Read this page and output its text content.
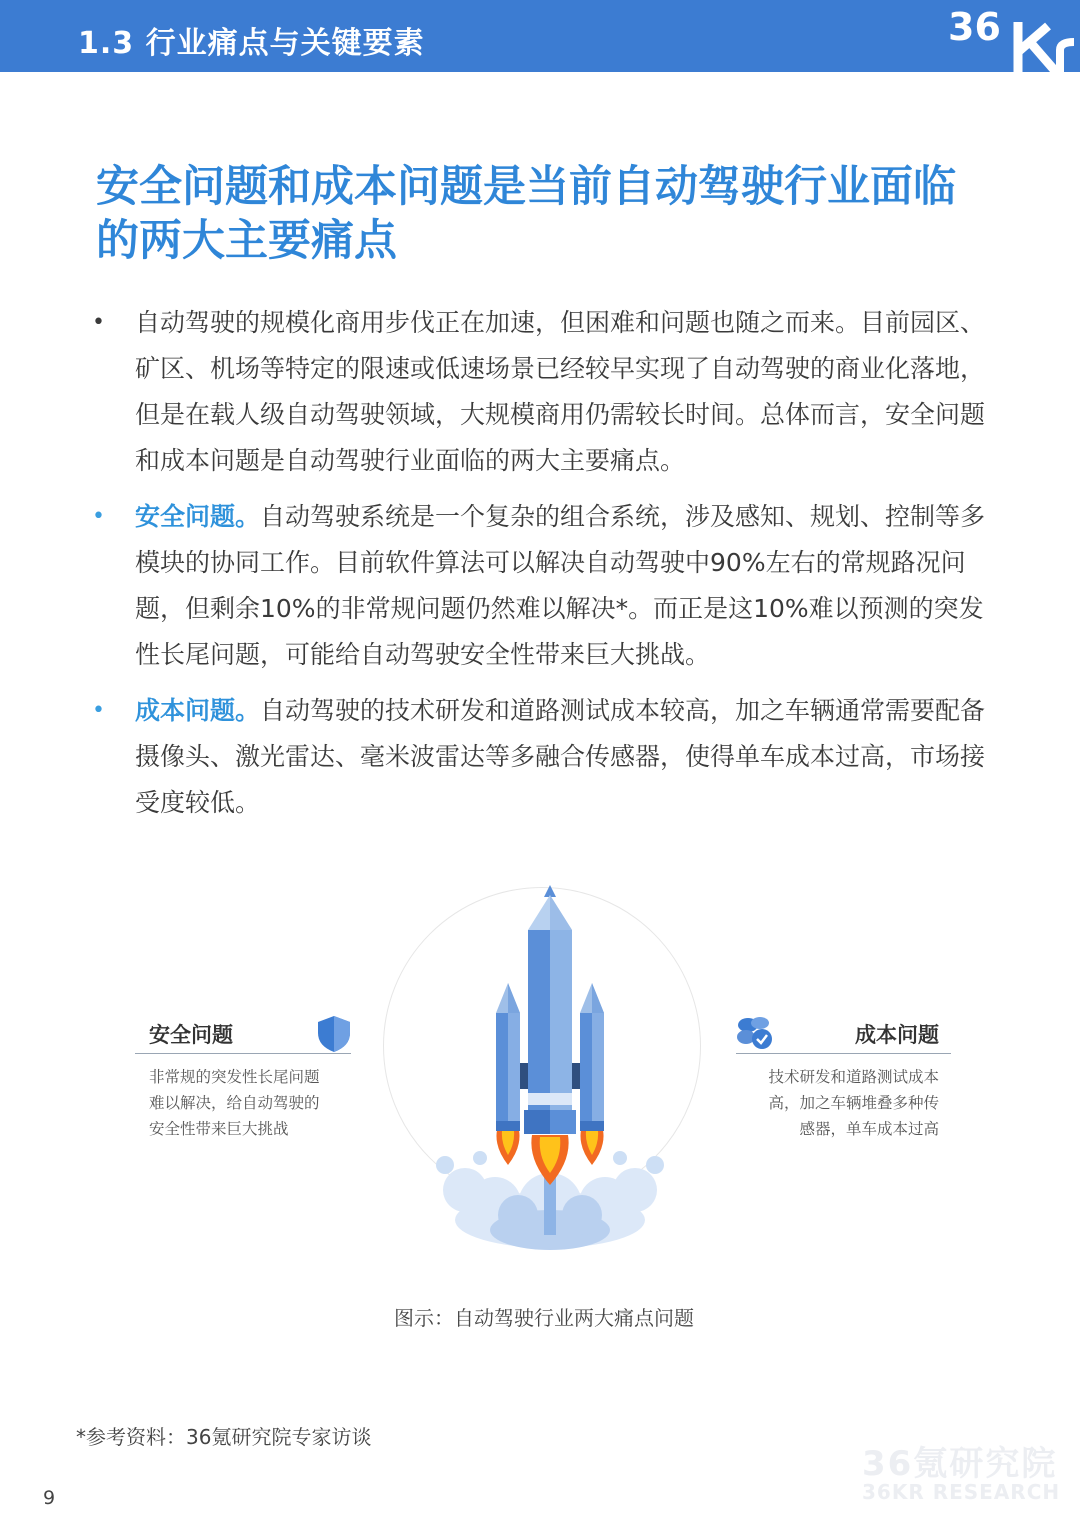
1.3 行业痛点与关键要素	36
安全问题和成本问题是当前自动驾驶行业面临
的两大主要痛点
• 自动驾驶的规模化商用步伐正在加速，但困难和问题也随之而来。目前园区、矿区、机场等特定的限速或低速场景已经较早实现了自动驾驶的商业化落地，但是在载人级自动驾驶领域，大规模商用仍需较长时间。总体而言，安全问题和成本问题是自动驾驶行业面临的两大主要痛点。
• 安全问题。自动驾驶系统是一个复杂的组合系统，涉及感知、规划、控制等多模块的协同工作。目前软件算法可以解决自动驾驶中90%左右的常规路况问题，但剩余10%的非常规问题仍然难以解决*。而正是这10%难以预测的突发性长尾问题，可能给自动驾驶安全性带来巨大挑战。
• 成本问题。自动驾驶的技术研发和道路测试成本较高，加之车辆通常需要配备摄像头、激光雷达、毫米波雷达等多融合传感器，使得单车成本过高，市场接受度较低。
安全问题
非常规的突发性长尾问题
难以解决，给自动驾驶的
安全性带来巨大挑战
成本问题
技术研发和道路测试成本
高，加之车辆堆叠多种传
感器，单车成本过高
图示：自动驾驶行业两大痛点问题
*参考资料：36氪研究院专家访谈
36氪研究院
36KR RESEARCH
9
